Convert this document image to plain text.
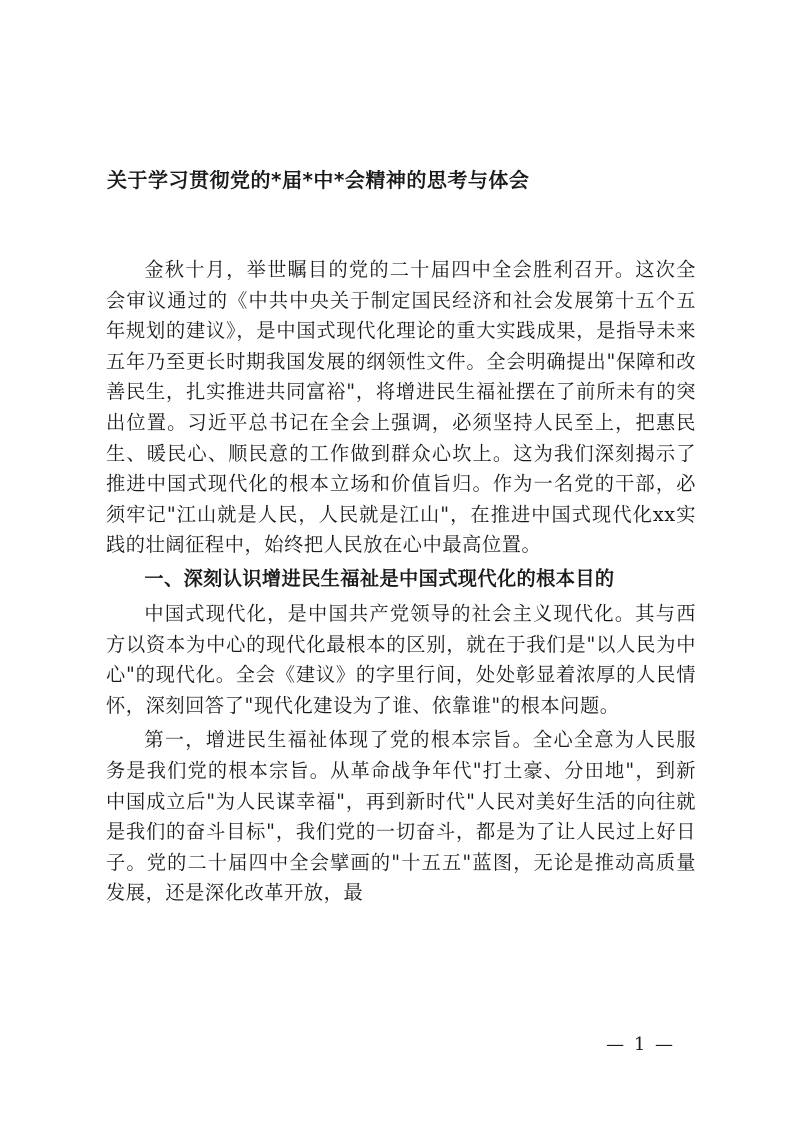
关于学习贯彻党的*届*中*会精神的思考与体会

金秋十月，举世瞩目的党的二十届四中全会胜利召开。这次全会审议通过的《中共中央关于制定国民经济和社会发展第十五个五年规划的建议》，是中国式现代化理论的重大实践成果，是指导未来五年乃至更长时期我国发展的纲领性文件。全会明确提出"保障和改善民生，扎实推进共同富裕"，将增进民生福祉摆在了前所未有的突出位置。习近平总书记在全会上强调，必须坚持人民至上，把惠民生、暖民心、顺民意的工作做到群众心坎上。这为我们深刻揭示了推进中国式现代化的根本立场和价值旨归。作为一名党的干部，必须牢记"江山就是人民，人民就是江山"，在推进中国式现代化xx实践的壮阔征程中，始终把人民放在心中最高位置。

一、深刻认识增进民生福祉是中国式现代化的根本目的

中国式现代化，是中国共产党领导的社会主义现代化。其与西方以资本为中心的现代化最根本的区别，就在于我们是"以人民为中心"的现代化。全会《建议》的字里行间，处处彰显着浓厚的人民情怀，深刻回答了"现代化建设为了谁、依靠谁"的根本问题。

第一，增进民生福祉体现了党的根本宗旨。全心全意为人民服务是我们党的根本宗旨。从革命战争年代"打土豪、分田地"，到新中国成立后"为人民谋幸福"，再到新时代"人民对美好生活的向往就是我们的奋斗目标"，我们党的一切奋斗，都是为了让人民过上好日子。党的二十届四中全会擘画的"十五五"蓝图，无论是推动高质量发展，还是深化改革开放，最

— 1 —
